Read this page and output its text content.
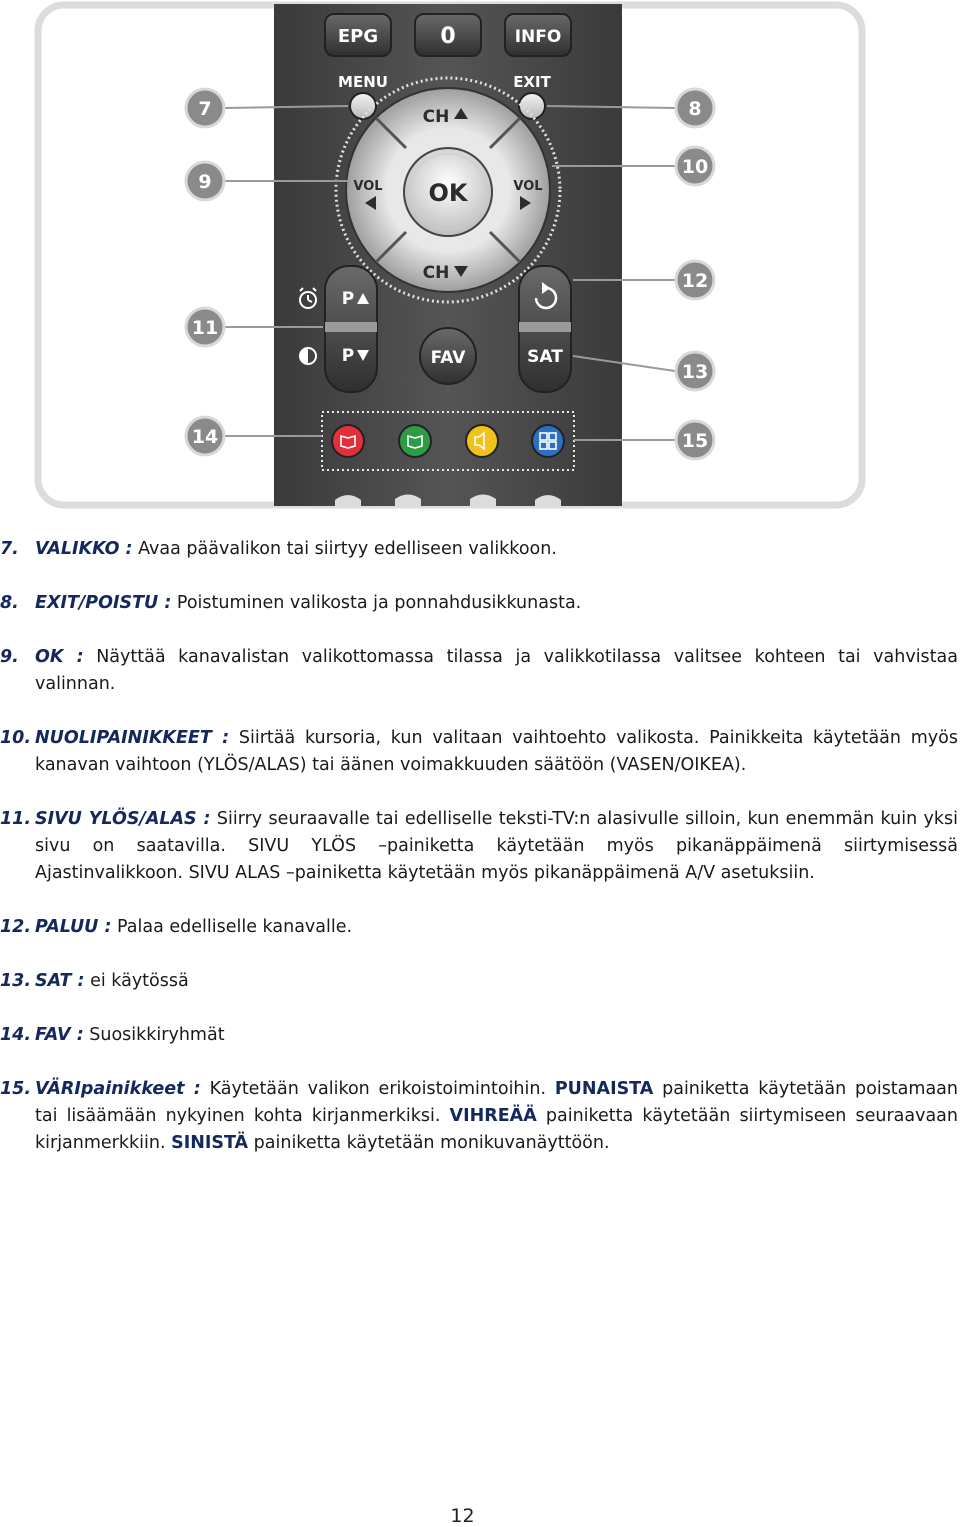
EPG	0	INFO
MENU	EXIT
CH
CH
VOL	VOL
OK
P
P	FAV	SAT
7	8
9
10
11
12
13
14	15
7. VALIKKO : Avaa päävalikon tai siirtyy edelliseen valikkoon.
8. EXIT/POISTU : Poistuminen valikosta ja ponnahdusikkunasta.
9. OK : Näyttää kanavalistan valikottomassa tilassa ja valikkotilassa valitsee kohteen tai vahvistaa valinnan.
10. NUOLIPAINIKKEET : Siirtää kursoria, kun valitaan vaihtoehto valikosta. Painikkeita käytetään myös kanavan vaihtoon (YLÖS/ALAS) tai äänen voimakkuuden säätöön (VASEN/OIKEA).
11. SIVU YLÖS/ALAS : Siirry seuraavalle tai edelliselle teksti-TV:n alasivulle silloin, kun enemmän kuin yksi sivu on saatavilla. SIVU YLÖS –painiketta käytetään myös pikanäppäimenä siirtymisessä Ajastinvalikkoon. SIVU ALAS –painiketta käytetään myös pikanäppäimenä A/V asetuksiin.
12. PALUU : Palaa edelliselle kanavalle.
13. SAT : ei käytössä
14. FAV : Suosikkiryhmät
15. VÄRIpainikkeet : Käytetään valikon erikoistoimintoihin. PUNAISTA painiketta käytetään poistamaan tai lisäämään nykyinen kohta kirjanmerkiksi. VIHREÄÄ painiketta käytetään siirtymiseen seuraavaan kirjanmerkkiin. SINISTÄ painiketta käytetään monikuvanäyttöön.
12
